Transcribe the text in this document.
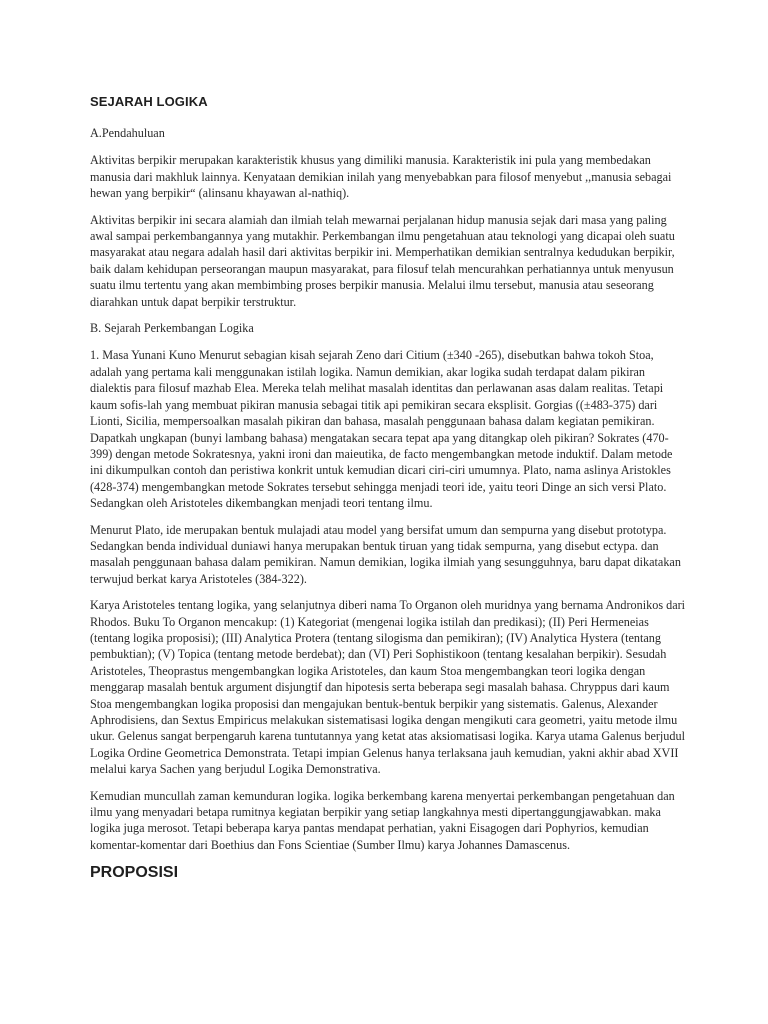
SEJARAH LOGIKA

A.Pendahuluan

Aktivitas berpikir merupakan karakteristik khusus yang dimiliki manusia. Karakteristik ini pula yang membedakan manusia dari makhluk lainnya. Kenyataan demikian inilah yang menyebabkan para filosof menyebut ,,manusia sebagai hewan yang berpikir“ (alinsanu khayawan al-nathiq).

Aktivitas berpikir ini secara alamiah dan ilmiah telah mewarnai perjalanan hidup manusia sejak dari masa yang paling awal sampai perkembangannya yang mutakhir. Perkembangan ilmu pengetahuan atau teknologi yang dicapai oleh suatu masyarakat atau negara adalah hasil dari aktivitas berpikir ini. Memperhatikan demikian sentralnya kedudukan berpikir, baik dalam kehidupan perseorangan maupun masyarakat, para filosuf telah mencurahkan perhatiannya untuk menyusun suatu ilmu tertentu yang akan membimbing proses berpikir manusia. Melalui ilmu tersebut, manusia atau seseorang diarahkan untuk dapat berpikir terstruktur.

B. Sejarah Perkembangan Logika

1. Masa Yunani Kuno Menurut sebagian kisah sejarah Zeno dari Citium (±340 -265), disebutkan bahwa tokoh Stoa, adalah yang pertama kali menggunakan istilah logika. Namun demikian, akar logika sudah terdapat dalam pikiran dialektis para filosuf mazhab Elea. Mereka telah melihat masalah identitas dan perlawanan asas dalam realitas. Tetapi kaum sofis-lah yang membuat pikiran manusia sebagai titik api pemikiran secara eksplisit. Gorgias ((±483-375) dari Lionti, Sicilia, mempersoalkan masalah pikiran dan bahasa, masalah penggunaan bahasa dalam kegiatan pemikiran. Dapatkah ungkapan (bunyi lambang bahasa) mengatakan secara tepat apa yang ditangkap oleh pikiran? Sokrates (470-399) dengan metode Sokratesnya, yakni ironi dan maieutika, de facto mengembangkan metode induktif. Dalam metode ini dikumpulkan contoh dan peristiwa konkrit untuk kemudian dicari ciri-ciri umumnya. Plato, nama aslinya Aristokles (428-374) mengembangkan metode Sokrates tersebut sehingga menjadi teori ide, yaitu teori Dinge an sich versi Plato. Sedangkan oleh Aristoteles dikembangkan menjadi teori tentang ilmu.

Menurut Plato, ide merupakan bentuk mulajadi atau model yang bersifat umum dan sempurna yang disebut prototypa. Sedangkan benda individual duniawi hanya merupakan bentuk tiruan yang tidak sempurna, yang disebut ectypa. dan masalah penggunaan bahasa dalam pemikiran. Namun demikian, logika ilmiah yang sesungguhnya, baru dapat dikatakan terwujud berkat karya Aristoteles (384-322).

Karya Aristoteles tentang logika, yang selanjutnya diberi nama To Organon oleh muridnya yang bernama Andronikos dari Rhodos. Buku To Organon mencakup: (1) Kategoriat (mengenai logika istilah dan predikasi); (II) Peri Hermeneias (tentang logika proposisi); (III) Analytica Protera (tentang silogisma dan pemikiran); (IV) Analytica Hystera (tentang pembuktian); (V) Topica (tentang metode berdebat); dan (VI) Peri Sophistikoon (tentang kesalahan berpikir). Sesudah Aristoteles, Theoprastus mengembangkan logika Aristoteles, dan kaum Stoa mengembangkan teori logika dengan menggarap masalah bentuk argument disjungtif dan hipotesis serta beberapa segi masalah bahasa. Chryppus dari kaum Stoa mengembangkan logika proposisi dan mengajukan bentuk-bentuk berpikir yang sistematis. Galenus, Alexander Aphrodisiens, dan Sextus Empiricus melakukan sistematisasi logika dengan mengikuti cara geometri, yaitu metode ilmu ukur. Gelenus sangat berpengaruh karena tuntutannya yang ketat atas aksiomatisasi logika. Karya utama Galenus berjudul Logika Ordine Geometrica Demonstrata. Tetapi impian Gelenus hanya terlaksana jauh kemudian, yakni akhir abad XVII melalui karya Sachen yang berjudul Logika Demonstrativa.

Kemudian muncullah zaman kemunduran logika. logika berkembang karena menyertai perkembangan pengetahuan dan ilmu yang menyadari betapa rumitnya kegiatan berpikir yang setiap langkahnya mesti dipertanggungjawabkan. maka logika juga merosot. Tetapi beberapa karya pantas mendapat perhatian, yakni Eisagogen dari Pophyrios, kemudian komentar-komentar dari Boethius dan Fons Scientiae (Sumber Ilmu) karya Johannes Damascenus.

PROPOSISI
